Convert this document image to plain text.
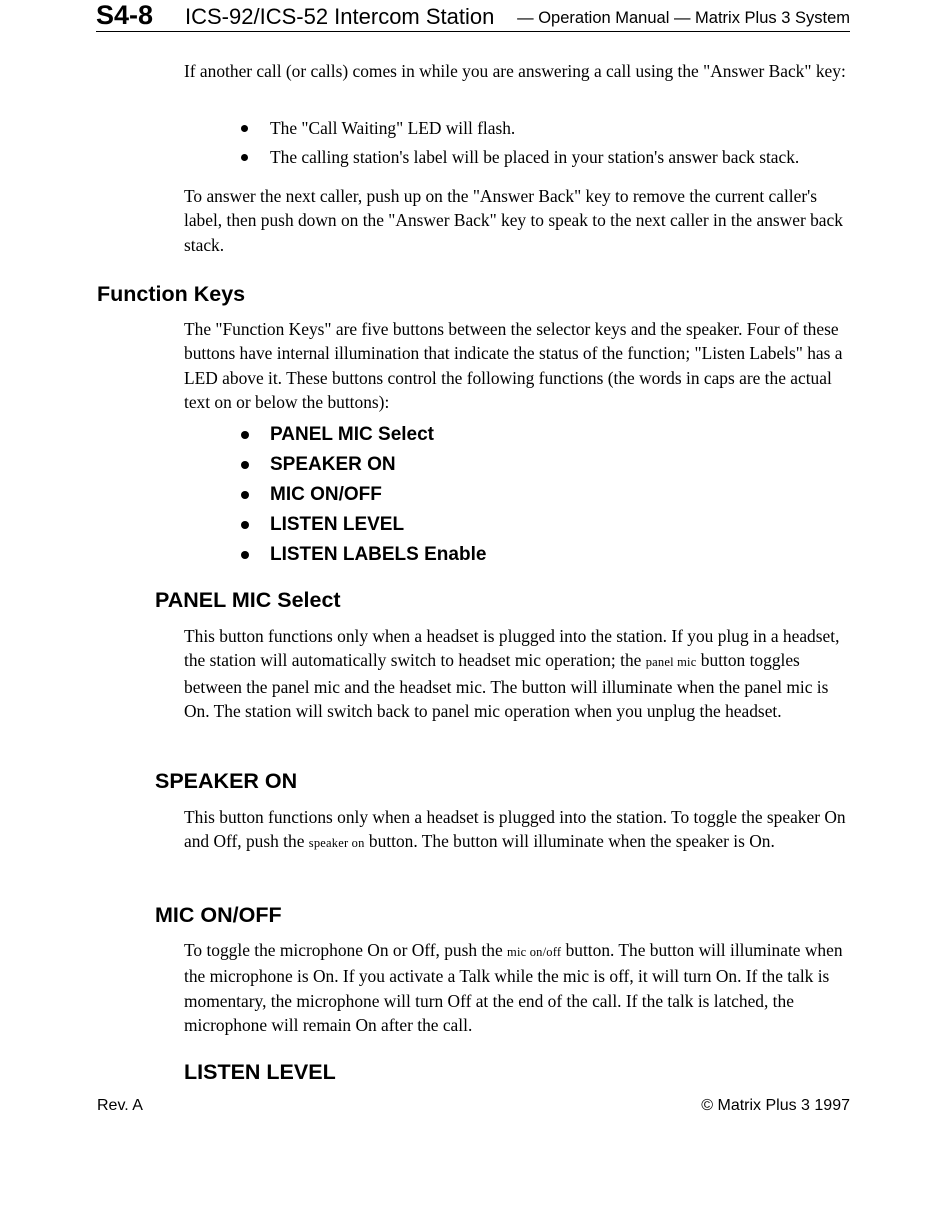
S4-8 ICS-92/ICS-52 Intercom Station — Operation Manual — Matrix Plus 3 System

If another call (or calls) comes in while you are answering a call using the "Answer Back" key:

The "Call Waiting" LED will flash.
The calling station's label will be placed in your station's answer back stack.

To answer the next caller, push up on the "Answer Back" key to remove the current caller's label, then push down on the "Answer Back" key to speak to the next caller in the answer back stack.

Function Keys

The "Function Keys" are five buttons between the selector keys and the speaker. Four of these buttons have internal illumination that indicate the status of the function; "Listen Labels" has a LED above it. These buttons control the following functions (the words in caps are the actual text on or below the buttons):

PANEL MIC Select
SPEAKER ON
MIC ON/OFF
LISTEN LEVEL
LISTEN LABELS Enable
PANEL MIC Select

This button functions only when a headset is plugged into the station. If you plug in a headset, the station will automatically switch to headset mic operation; the panel mic button toggles between the panel mic and the headset mic. The button will illuminate when the panel mic is On. The station will switch back to panel mic operation when you unplug the headset.

SPEAKER ON

This button functions only when a headset is plugged into the station. To toggle the speaker On and Off, push the speaker on button. The button will illuminate when the speaker is On.

MIC ON/OFF

To toggle the microphone On or Off, push the mic on/off button. The button will illuminate when the microphone is On. If you activate a Talk while the mic is off, it will turn On. If the talk is momentary, the microphone will turn Off at the end of the call. If the talk is latched, the microphone will remain On after the call.

LISTEN LEVEL
Rev. A	© Matrix Plus 3 1997
